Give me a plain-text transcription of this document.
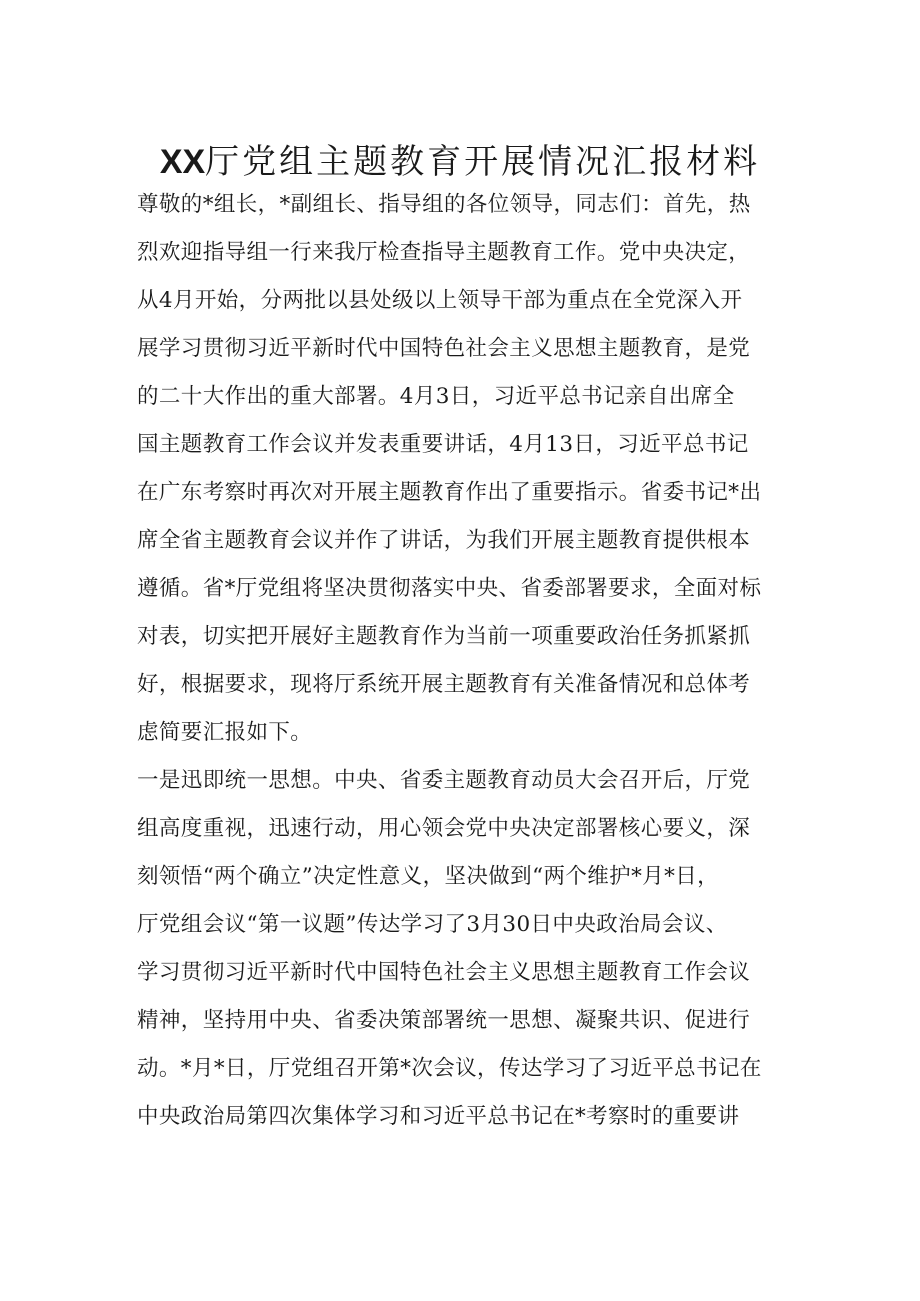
XX厅党组主题教育开展情况汇报材料

尊敬的*组长，*副组长、指导组的各位领导，同志们：首先，热

烈欢迎指导组一行来我厅检查指导主题教育工作。党中央决定，

从4月开始，分两批以县处级以上领导干部为重点在全党深入开

展学习贯彻习近平新时代中国特色社会主义思想主题教育，是党

的二十大作出的重大部署。4月3日，习近平总书记亲自出席全

国主题教育工作会议并发表重要讲话，4月13日，习近平总书记

在广东考察时再次对开展主题教育作出了重要指示。省委书记*出

席全省主题教育会议并作了讲话，为我们开展主题教育提供根本

遵循。省*厅党组将坚决贯彻落实中央、省委部署要求，全面对标

对表，切实把开展好主题教育作为当前一项重要政治任务抓紧抓

好，根据要求，现将厅系统开展主题教育有关准备情况和总体考

虑简要汇报如下。

一是迅即统一思想。中央、省委主题教育动员大会召开后，厅党

组高度重视，迅速行动，用心领会党中央决定部署核心要义，深

刻领悟“两个确立”决定性意义，坚决做到“两个维护*月*日，

厅党组会议“第一议题”传达学习了3月30日中央政治局会议、

学习贯彻习近平新时代中国特色社会主义思想主题教育工作会议

精神，坚持用中央、省委决策部署统一思想、凝聚共识、促进行

动。*月*日，厅党组召开第*次会议，传达学习了习近平总书记在

中央政治局第四次集体学习和习近平总书记在*考察时的重要讲
